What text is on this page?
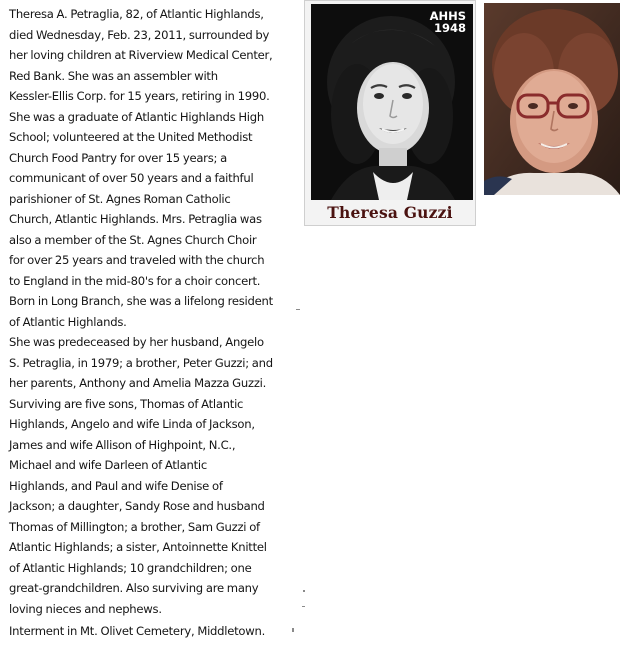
Theresa A. Petraglia, 82, of Atlantic Highlands,
died Wednesday, Feb. 23, 2011, surrounded by
her loving children at Riverview Medical Center,
Red Bank. She was an assembler with
Kessler-Ellis Corp. for 15 years, retiring in 1990.
She was a graduate of Atlantic Highlands High
School; volunteered at the United Methodist
Church Food Pantry for over 15 years; a
communicant of over 50 years and a faithful
parishioner of St. Agnes Roman Catholic
Church, Atlantic Highlands. Mrs. Petraglia was
also a member of the St. Agnes Church Choir
for over 25 years and traveled with the church
to England in the mid-80's for a choir concert.
Born in Long Branch, she was a lifelong resident
of Atlantic Highlands.

She was predeceased by her husband, Angelo
S. Petraglia, in 1979; a brother, Peter Guzzi; and
her parents, Anthony and Amelia Mazza Guzzi.
Surviving are five sons, Thomas of Atlantic
Highlands, Angelo and wife Linda of Jackson,
James and wife Allison of Highpoint, N.C.,
Michael and wife Darleen of Atlantic
Highlands, and Paul and wife Denise of
Jackson; a daughter, Sandy Rose and husband
Thomas of Millington; a brother, Sam Guzzi of
Atlantic Highlands; a sister, Antoinnette Knittel
of Atlantic Highlands; 10 grandchildren; one
great-grandchildren. Also surviving are many
loving nieces and nephews.

Interment in Mt. Olivet Cemetery, Middletown.

AHHS
1948
Theresa Guzzi
